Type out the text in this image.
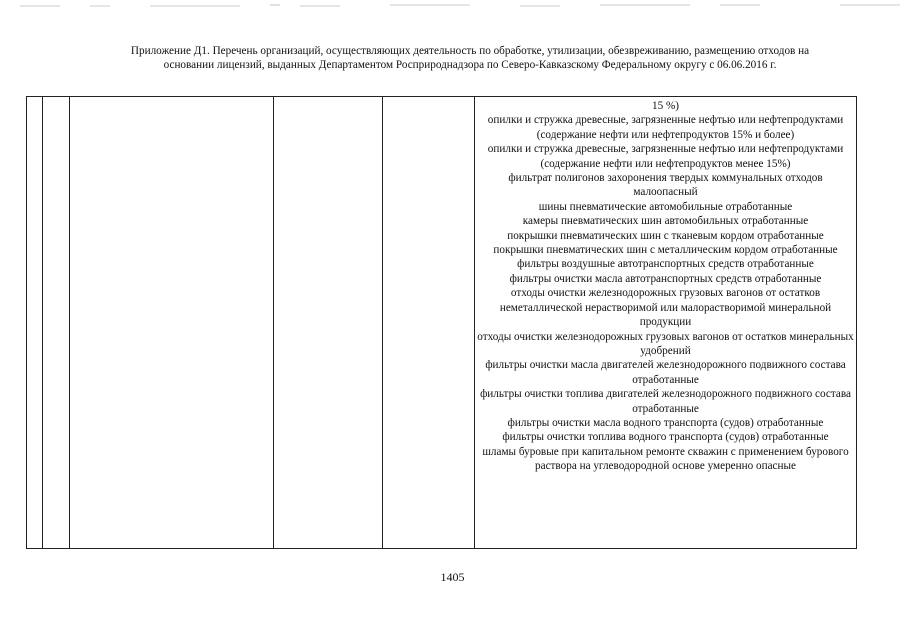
Приложение Д1. Перечень организаций, осуществляющих деятельность по обработке, утилизации, обезвреживанию, размещению отходов на
основании лицензий, выданных Департаментом Росприроднадзора по Северо-Кавказскому Федеральному округу с 06.06.2016 г.
15 %)
опилки и стружка древесные, загрязненные нефтью или нефтепродуктами (содержание нефти или нефтепродуктов 15% и более)
опилки и стружка древесные, загрязненные нефтью или нефтепродуктами (содержание нефти или нефтепродуктов менее 15%)
фильтрат полигонов захоронения твердых коммунальных отходов малоопасный
шины пневматические автомобильные отработанные
камеры пневматических шин автомобильных отработанные
покрышки пневматических шин с тканевым кордом отработанные
покрышки пневматических шин с металлическим кордом отработанные
фильтры воздушные автотранспортных средств отработанные
фильтры очистки масла автотранспортных средств отработанные
отходы очистки железнодорожных грузовых вагонов от остатков неметаллической нерастворимой или малорастворимой минеральной продукции
отходы очистки железнодорожных грузовых вагонов от остатков минеральных удобрений
фильтры очистки масла двигателей железнодорожного подвижного состава отработанные
фильтры очистки топлива двигателей железнодорожного подвижного состава отработанные
фильтры очистки масла водного транспорта (судов) отработанные
фильтры очистки топлива водного транспорта (судов) отработанные
шламы буровые при капитальном ремонте скважин с применением бурового раствора на углеводородной основе умеренно опасные
1405
